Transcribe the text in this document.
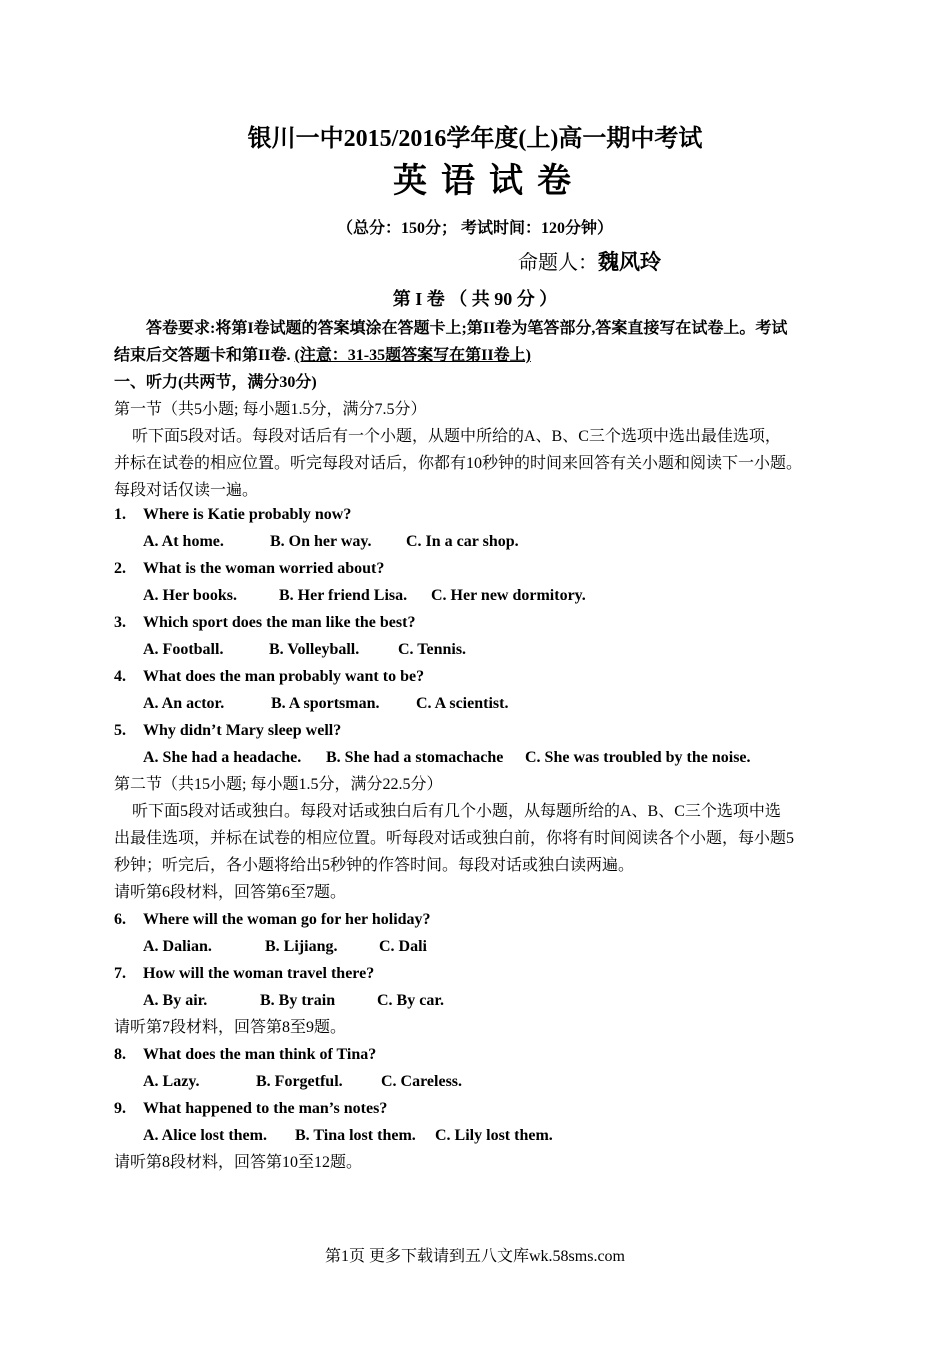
银川一中2015/2016学年度(上)高一期中考试
英语试卷
（总分：150分； 考试时间：120分钟）
命题人：魏风玲
第 I 卷 （ 共 90 分 ）
答卷要求:将第I卷试题的答案填涂在答题卡上;第II卷为笔答部分,答案直接写在试卷上。考试
结束后交答题卡和第II卷. (注意：31-35题答案写在第II卷上)
一、听力(共两节，满分30分)
第一节（共5小题; 每小题1.5分，满分7.5分）
听下面5段对话。每段对话后有一个小题，从题中所给的A、B、C三个选项中选出最佳选项，
并标在试卷的相应位置。听完每段对话后，你都有10秒钟的时间来回答有关小题和阅读下一小题。
每段对话仅读一遍。
1. Where is Katie probably now?
A. At home.	B. On her way. C. In a car shop.
2. What is the woman worried about?
A. Her books.	B. Her friend Lisa. C. Her new dormitory.
3. Which sport does the man like the best?
A. Football.	B. Volleyball. C. Tennis.
4. What does the man probably want to be?
A. An actor.	B. A sportsman. C. A scientist.
5. Why didn’t Mary sleep well?
A. She had a headache. B. She had a stomachache C. She was troubled by the noise.
第二节（共15小题; 每小题1.5分，满分22.5分）
听下面5段对话或独白。每段对话或独白后有几个小题，从每题所给的A、B、C三个选项中选
出最佳选项，并标在试卷的相应位置。听每段对话或独白前，你将有时间阅读各个小题，每小题5
秒钟；听完后，各小题将给出5秒钟的作答时间。每段对话或独白读两遍。
请听第6段材料，回答第6至7题。
6. Where will the woman go for her holiday?
A. Dalian.	B. Lijiang.	C. Dali
7. How will the woman travel there?
A. By air.	B. By train	C. By car.
请听第7段材料，回答第8至9题。
8. What does the man think of Tina?
A. Lazy.	B. Forgetful. C. Careless.
9. What happened to the man’s notes?
A. Alice lost them. B. Tina lost them. C. Lily lost them.
请听第8段材料，回答第10至12题。
第1页 更多下载请到五八文库wk.58sms.com
